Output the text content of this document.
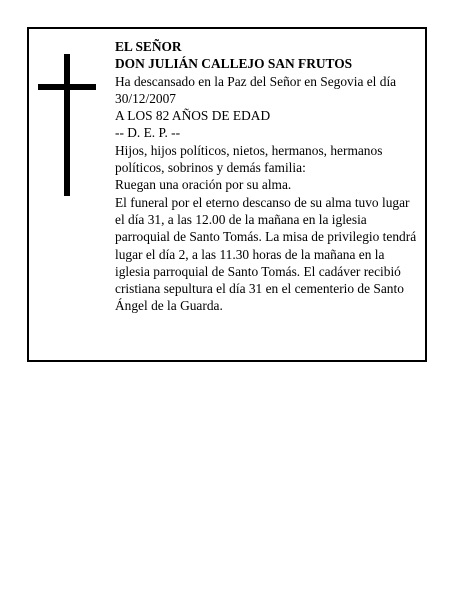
EL SEÑOR

DON JULIÁN CALLEJO SAN FRUTOS

Ha descansado en la Paz del Señor en Segovia el día 30/12/2007

A LOS 82 AÑOS DE EDAD

-- D. E. P. --

Hijos, hijos políticos, nietos, hermanos, hermanos políticos, sobrinos y demás familia:

Ruegan una oración por su alma.

El funeral por el eterno descanso de su alma tuvo lugar el día 31, a las 12.00 de la mañana en la iglesia parroquial de Santo Tomás. La misa de privilegio tendrá lugar el día 2, a las 11.30 horas de la mañana en la iglesia parroquial de Santo Tomás. El cadáver recibió cristiana sepultura el día 31 en el cementerio de Santo Ángel de la Guarda.
